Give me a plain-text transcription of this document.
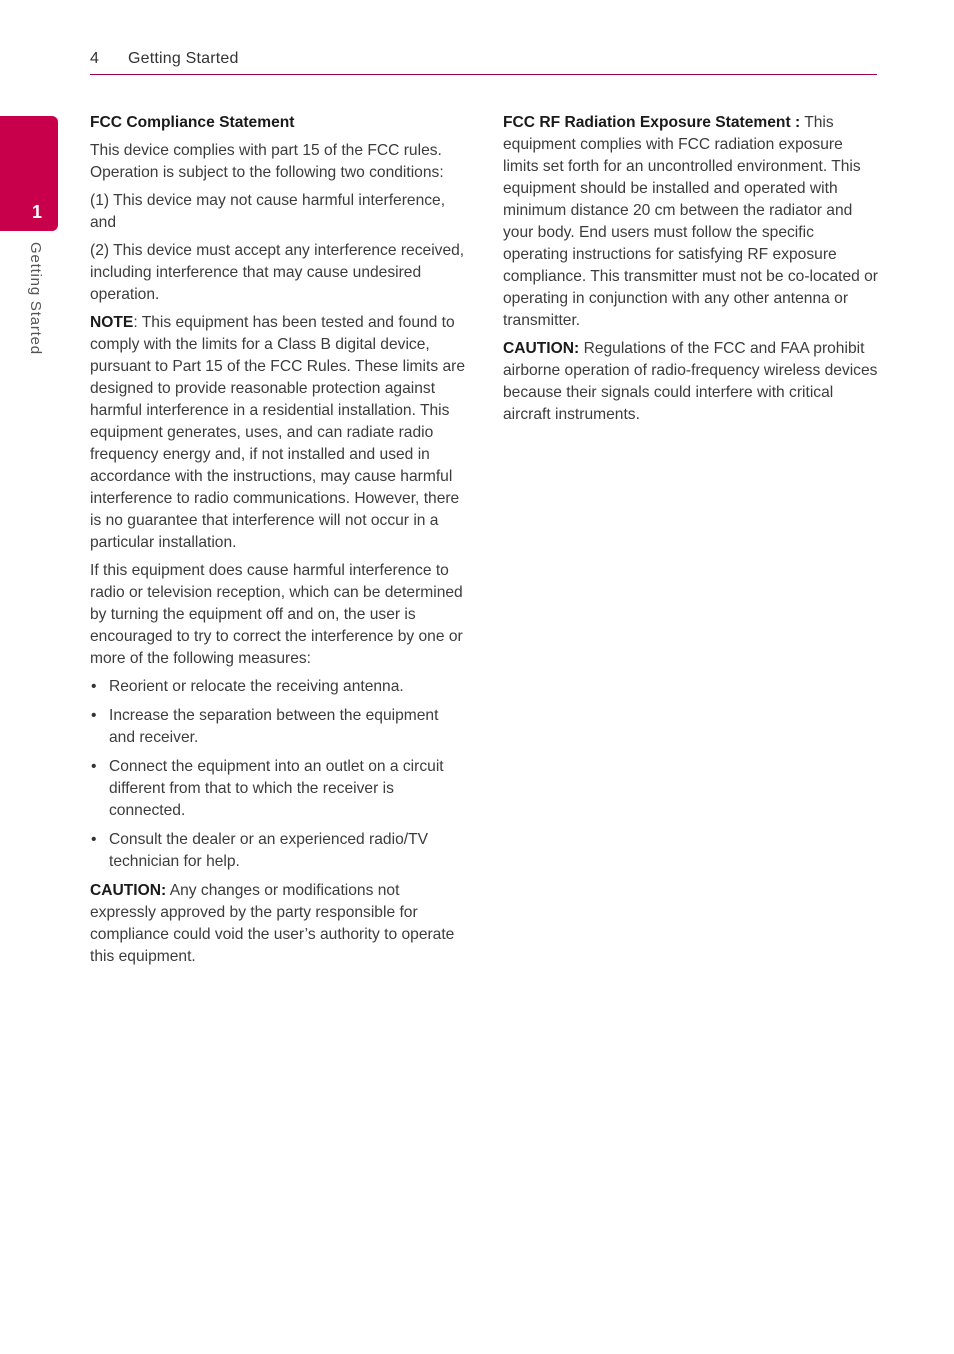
4 Getting Started
1
Getting Started
FCC Compliance Statement

This device complies with part 15 of the FCC rules. Operation is subject to the following two conditions:

(1) This device may not cause harmful interference, and

(2) This device must accept any interference received, including interference that may cause undesired operation.

NOTE: This equipment has been tested and found to comply with the limits for a Class B digital device, pursuant to Part 15 of the FCC Rules. These limits are designed to provide reasonable protection against harmful interference in a residential installation. This equipment generates, uses, and can radiate radio frequency energy and, if not installed and used in accordance with the instructions, may cause harmful interference to radio communications. However, there is no guarantee that interference will not occur in a particular installation.

If this equipment does cause harmful interference to radio or television reception, which can be determined by turning the equipment off and on, the user is encouraged to try to correct the interference by one or more of the following measures:

• Reorient or relocate the receiving antenna.
• Increase the separation between the equipment and receiver.
• Connect the equipment into an outlet on a circuit different from that to which the receiver is connected.
• Consult the dealer or an experienced radio/TV technician for help.

CAUTION: Any changes or modifications not expressly approved by the party responsible for compliance could void the user’s authority to operate this equipment.

FCC RF Radiation Exposure Statement : This equipment complies with FCC radiation exposure limits set forth for an uncontrolled environment. This equipment should be installed and operated with minimum distance 20 cm between the radiator and your body. End users must follow the specific operating instructions for satisfying RF exposure compliance. This transmitter must not be co-located or operating in conjunction with any other antenna or transmitter.

CAUTION: Regulations of the FCC and FAA prohibit airborne operation of radio-frequency wireless devices because their signals could interfere with critical aircraft instruments.
